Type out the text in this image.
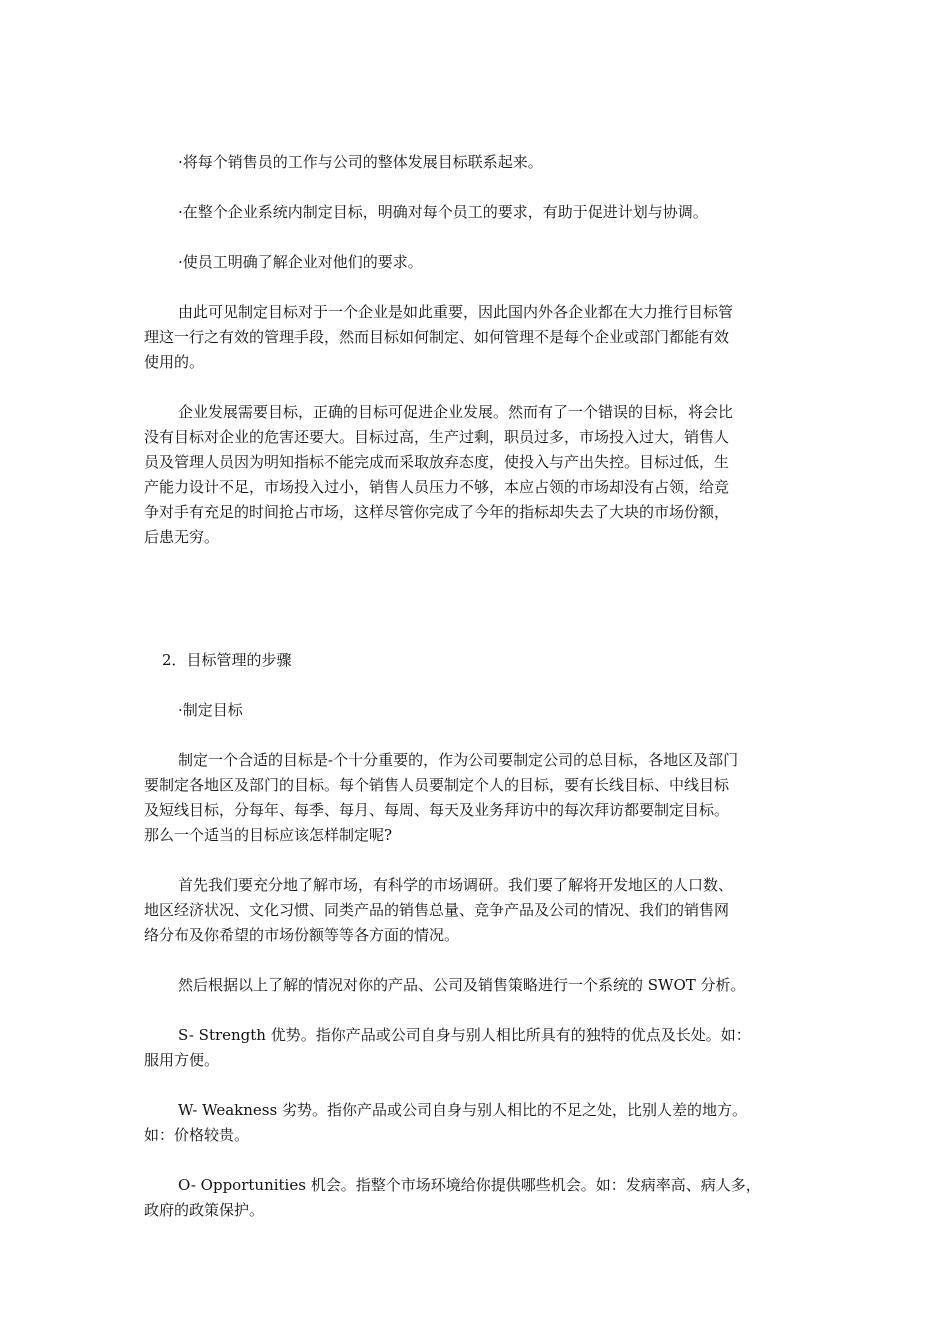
·将每个销售员的工作与公司的整体发展目标联系起来。
·在整个企业系统内制定目标，明确对每个员工的要求，有助于促进计划与协调。
·使员工明确了解企业对他们的要求。
由此可见制定目标对于一个企业是如此重要，因此国内外各企业都在大力推行目标管
理这一行之有效的管理手段，然而目标如何制定、如何管理不是每个企业或部门都能有效
使用的。
企业发展需要目标，正确的目标可促进企业发展。然而有了一个错误的目标，将会比
没有目标对企业的危害还要大。目标过高，生产过剩，职员过多，市场投入过大，销售人
员及管理人员因为明知指标不能完成而采取放弃态度，使投入与产出失控。目标过低，生
产能力设计不足，市场投入过小，销售人员压力不够，本应占领的市场却没有占领，给竞
争对手有充足的时间抢占市场，这样尽管你完成了今年的指标却失去了大块的市场份额，
后患无穷。
2．目标管理的步骤
·制定目标
制定一个合适的目标是-个十分重要的，作为公司要制定公司的总目标，各地区及部门
要制定各地区及部门的目标。每个销售人员要制定个人的目标，要有长线目标、中线目标
及短线目标，分每年、每季、每月、每周、每天及业务拜访中的每次拜访都要制定目标。
那么一个适当的目标应该怎样制定呢?
首先我们要充分地了解市场，有科学的市场调研。我们要了解将开发地区的人口数、
地区经济状况、文化习惯、同类产品的销售总量、竞争产品及公司的情况、我们的销售网
络分布及你希望的市场份额等等各方面的情况。
然后根据以上了解的情况对你的产品、公司及销售策略进行一个系统的 SWOT 分析。
S- Strength 优势。指你产品或公司自身与别人相比所具有的独特的优点及长处。如：
服用方便。
W- Weakness 劣势。指你产品或公司自身与别人相比的不足之处，比别人差的地方。
如：价格较贵。
O- Opportunities 机会。指整个市场环境给你提供哪些机会。如：发病率高、病人多，
政府的政策保护。
